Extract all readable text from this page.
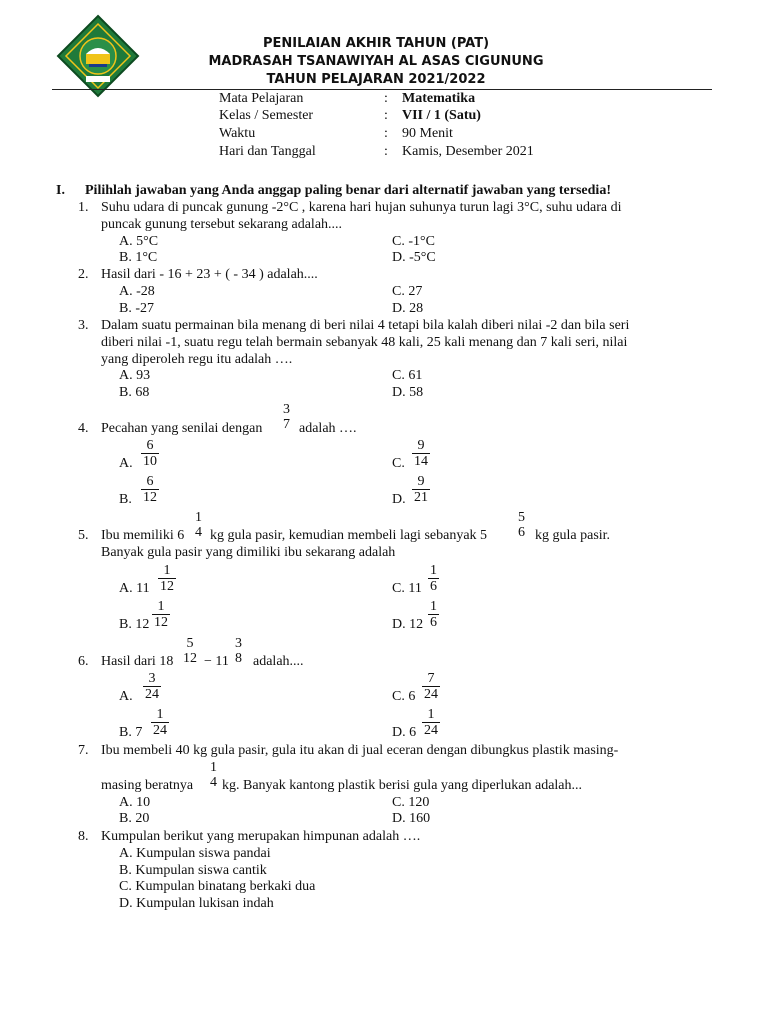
PENILAIAN AKHIR TAHUN (PAT)
MADRASAH TSANAWIYAH AL ASAS CIGUNUNG
TAHUN PELAJARAN 2021/2022
Mata Pelajaran	: Matematika
Kelas / Semester	: VII / 1 (Satu)
Waktu	: 90 Menit
Hari dan Tanggal	: Kamis, Desember 2021
I. Pilihlah jawaban yang Anda anggap paling benar dari alternatif jawaban yang tersedia!
1. Suhu udara di puncak gunung -2°C , karena hari hujan suhunya turun lagi 3°C, suhu udara di
puncak gunung tersebut sekarang adalah....
A. 5°C
B. 1°C
C. -1°C
D. -5°C
2. Hasil dari - 16 + 23 + ( - 34 ) adalah....
A. -28
B. -27
C. 27
D. 28
3. Dalam suatu permainan bila menang di beri nilai 4 tetapi bila kalah diberi nilai -2 dan bila seri
diberi nilai -1, suatu regu telah bermain sebanyak 48 kali, 25 kali menang dan 7 kali seri, nilai
yang diperoleh regu itu adalah ….
A. 93
B. 68
C. 61
D. 58
4. Pecahan yang senilai dengan
3
7 adalah ….
A. $\frac{6}{10}$
B. $\frac{6}{12}$
C. $\frac{9}{14}$
D. $\frac{9}{21}$
5. Ibu memiliki 6
1
4 kg gula pasir, kemudian membeli lagi sebanyak 5
5
6 kg gula pasir.
Banyak gula pasir yang dimiliki ibu sekarang adalah
A. $11 \frac{1}{12}$
B. $12 \frac{1}{12}$
C. $11 \frac{1}{6}$
D. $12 \frac{1}{6}$
6. Hasil dari 18
5
12 − 11
3
8 adalah....
A. $\frac{3}{24}$
B. $7 \frac{1}{24}$
C. $6 \frac{7}{24}$
D. $6 \frac{1}{24}$
7. Ibu membeli 40 kg gula pasir, gula itu akan di jual eceran dengan dibungkus plastik masing-
masing beratnya
1
4 kg. Banyak kantong plastik berisi gula yang diperlukan adalah...
A. 10
B. 20
C. 120
D. 160
8. Kumpulan berikut yang merupakan himpunan adalah ….
A. Kumpulan siswa pandai
B. Kumpulan siswa cantik
C. Kumpulan binatang berkaki dua
D. Kumpulan lukisan indah
